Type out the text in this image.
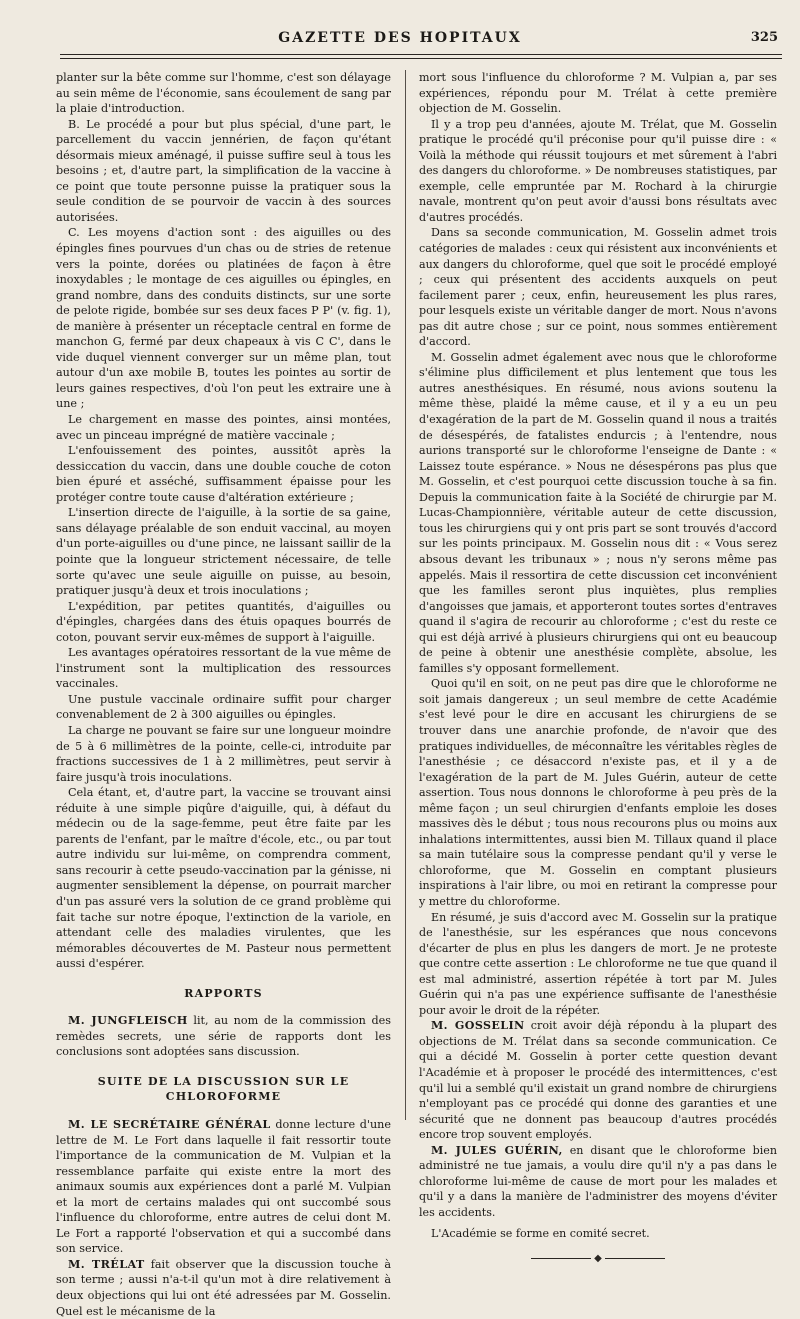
GAZETTE DES HOPITAUX	325

planter sur la bête comme sur l'homme, c'est son délayage au sein même de l'économie, sans écoulement de sang par la plaie d'introduction.

B. Le procédé a pour but plus spécial, d'une part, le parcellement du vaccin jennérien, de façon qu'étant désormais mieux aménagé, il puisse suffire seul à tous les besoins ; et, d'autre part, la simplification de la vaccine à ce point que toute personne puisse la pratiquer sous la seule condition de se pourvoir de vaccin à des sources autorisées.

C. Les moyens d'action sont : des aiguilles ou des épingles fines pourvues d'un chas ou de stries de retenue vers la pointe, dorées ou platinées de façon à être inoxydables ; le montage de ces aiguilles ou épingles, en grand nombre, dans des conduits distincts, sur une sorte de pelote rigide, bombée sur ses deux faces P P' (v. fig. 1), de manière à présenter un réceptacle central en forme de manchon G, fermé par deux chapeaux à vis C C', dans le vide duquel viennent converger sur un même plan, tout autour d'un axe mobile B, toutes les pointes au sortir de leurs gaines respectives, d'où l'on peut les extraire une à une ;

Le chargement en masse des pointes, ainsi montées, avec un pinceau imprégné de matière vaccinale ;

L'enfouissement des pointes, aussitôt après la dessiccation du vaccin, dans une double couche de coton bien épuré et asséché, suffisamment épaisse pour les protéger contre toute cause d'altération extérieure ;

L'insertion directe de l'aiguille, à la sortie de sa gaine, sans délayage préalable de son enduit vaccinal, au moyen d'un porte-aiguilles ou d'une pince, ne laissant saillir de la pointe que la longueur strictement nécessaire, de telle sorte qu'avec une seule aiguille on puisse, au besoin, pratiquer jusqu'à deux et trois inoculations ;

L'expédition, par petites quantités, d'aiguilles ou d'épingles, chargées dans des étuis opaques bourrés de coton, pouvant servir eux-mêmes de support à l'aiguille.

Les avantages opératoires ressortant de la vue même de l'instrument sont la multiplication des ressources vaccinales.

Une pustule vaccinale ordinaire suffit pour charger convenablement de 2 à 300 aiguilles ou épingles.

La charge ne pouvant se faire sur une longueur moindre de 5 à 6 millimètres de la pointe, celle-ci, introduite par fractions successives de 1 à 2 millimètres, peut servir à faire jusqu'à trois inoculations.

Cela étant, et, d'autre part, la vaccine se trouvant ainsi réduite à une simple piqûre d'aiguille, qui, à défaut du médecin ou de la sage-femme, peut être faite par les parents de l'enfant, par le maître d'école, etc., ou par tout autre individu sur lui-même, on comprendra comment, sans recourir à cette pseudo-vaccination par la génisse, ni augmenter sensiblement la dépense, on pourrait marcher d'un pas assuré vers la solution de ce grand problème qui fait tache sur notre époque, l'extinction de la variole, en attendant celle des maladies virulentes, que les mémorables découvertes de M. Pasteur nous permettent aussi d'espérer.

RAPPORTS

M. JUNGFLEISCH lit, au nom de la commission des remèdes secrets, une série de rapports dont les conclusions sont adoptées sans discussion.

SUITE DE LA DISCUSSION SUR LE CHLOROFORME

M. LE SECRÉTAIRE GÉNÉRAL donne lecture d'une lettre de M. Le Fort dans laquelle il fait ressortir toute l'importance de la communication de M. Vulpian et la ressemblance parfaite qui existe entre la mort des animaux soumis aux expériences dont a parlé M. Vulpian et la mort de certains malades qui ont succombé sous l'influence du chloroforme, entre autres de celui dont M. Le Fort a rapporté l'observation et qui a succombé dans son service.

M. TRÉLAT fait observer que la discussion touche à son terme ; aussi n'a-t-il qu'un mot à dire relativement à deux objections qui lui ont été adressées par M. Gosselin. Quel est le mécanisme de la

mort sous l'influence du chloroforme ? M. Vulpian a, par ses expériences, répondu pour M. Trélat à cette première objection de M. Gosselin.

Il y a trop peu d'années, ajoute M. Trélat, que M. Gosselin pratique le procédé qu'il préconise pour qu'il puisse dire : « Voilà la méthode qui réussit toujours et met sûrement à l'abri des dangers du chloroforme. » De nombreuses statistiques, par exemple, celle empruntée par M. Rochard à la chirurgie navale, montrent qu'on peut avoir d'aussi bons résultats avec d'autres procédés.

Dans sa seconde communication, M. Gosselin admet trois catégories de malades : ceux qui résistent aux inconvénients et aux dangers du chloroforme, quel que soit le procédé employé ; ceux qui présentent des accidents auxquels on peut facilement parer ; ceux, enfin, heureusement les plus rares, pour lesquels existe un véritable danger de mort. Nous n'avons pas dit autre chose ; sur ce point, nous sommes entièrement d'accord.

M. Gosselin admet également avec nous que le chloroforme s'élimine plus difficilement et plus lentement que tous les autres anesthésiques. En résumé, nous avions soutenu la même thèse, plaidé la même cause, et il y a eu un peu d'exagération de la part de M. Gosselin quand il nous a traités de désespérés, de fatalistes endurcis ; à l'entendre, nous aurions transporté sur le chloroforme l'enseigne de Dante : « Laissez toute espérance. » Nous ne désespérons pas plus que M. Gosselin, et c'est pourquoi cette discussion touche à sa fin. Depuis la communication faite à la Société de chirurgie par M. Lucas-Championnière, véritable auteur de cette discussion, tous les chirurgiens qui y ont pris part se sont trouvés d'accord sur les points principaux. M. Gosselin nous dit : « Vous serez absous devant les tribunaux » ; nous n'y serons même pas appelés. Mais il ressortira de cette discussion cet inconvénient que les familles seront plus inquiètes, plus remplies d'angoisses que jamais, et apporteront toutes sortes d'entraves quand il s'agira de recourir au chloroforme ; c'est du reste ce qui est déjà arrivé à plusieurs chirurgiens qui ont eu beaucoup de peine à obtenir une anesthésie complète, absolue, les familles s'y opposant formellement.

Quoi qu'il en soit, on ne peut pas dire que le chloroforme ne soit jamais dangereux ; un seul membre de cette Académie s'est levé pour le dire en accusant les chirurgiens de se trouver dans une anarchie profonde, de n'avoir que des pratiques individuelles, de méconnaître les véritables règles de l'anesthésie ; ce désaccord n'existe pas, et il y a de l'exagération de la part de M. Jules Guérin, auteur de cette assertion. Tous nous donnons le chloroforme à peu près de la même façon ; un seul chirurgien d'enfants emploie les doses massives dès le début ; tous nous recourons plus ou moins aux inhalations intermittentes, aussi bien M. Tillaux quand il place sa main tutélaire sous la compresse pendant qu'il y verse le chloroforme, que M. Gosselin en comptant plusieurs inspirations à l'air libre, ou moi en retirant la compresse pour y mettre du chloroforme.

En résumé, je suis d'accord avec M. Gosselin sur la pratique de l'anesthésie, sur les espérances que nous concevons d'écarter de plus en plus les dangers de mort. Je ne proteste que contre cette assertion : Le chloroforme ne tue que quand il est mal administré, assertion répétée à tort par M. Jules Guérin qui n'a pas une expérience suffisante de l'anesthésie pour avoir le droit de la répéter.

M. GOSSELIN croit avoir déjà répondu à la plupart des objections de M. Trélat dans sa seconde communication. Ce qui a décidé M. Gosselin à porter cette question devant l'Académie et à proposer le procédé des intermittences, c'est qu'il lui a semblé qu'il existait un grand nombre de chirurgiens n'employant pas ce procédé qui donne des garanties et une sécurité que ne donnent pas beaucoup d'autres procédés encore trop souvent employés.

M. JULES GUÉRIN, en disant que le chloroforme bien administré ne tue jamais, a voulu dire qu'il n'y a pas dans le chloroforme lui-même de cause de mort pour les malades et qu'il y a dans la manière de l'administrer des moyens d'éviter les accidents.

L'Académie se forme en comité secret.

◆
